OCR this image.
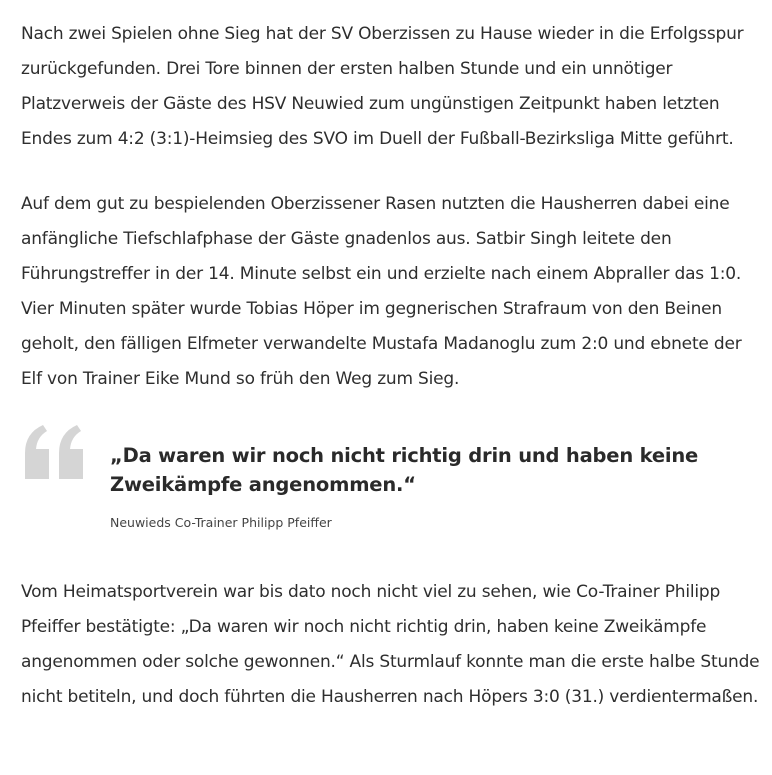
Nach zwei Spielen ohne Sieg hat der SV Oberzissen zu Hause wieder in die Erfolgsspur zurückgefunden. Drei Tore binnen der ersten halben Stunde und ein unnötiger Platzverweis der Gäste des HSV Neuwied zum ungünstigen Zeitpunkt haben letzten Endes zum 4:2 (3:1)-Heimsieg des SVO im Duell der Fußball-Bezirksliga Mitte geführt.

Auf dem gut zu bespielenden Oberzissener Rasen nutzten die Hausherren dabei eine anfängliche Tiefschlafphase der Gäste gnadenlos aus. Satbir Singh leitete den Führungstreffer in der 14. Minute selbst ein und erzielte nach einem Abpraller das 1:0. Vier Minuten später wurde Tobias Höper im gegnerischen Strafraum von den Beinen geholt, den fälligen Elfmeter verwandelte Mustafa Madanoglu zum 2:0 und ebnete der Elf von Trainer Eike Mund so früh den Weg zum Sieg.

„Da waren wir noch nicht richtig drin und haben keine Zweikämpfe angenommen.“

Neuwieds Co-Trainer Philipp Pfeiffer

Vom Heimatsportverein war bis dato noch nicht viel zu sehen, wie Co-Trainer Philipp Pfeiffer bestätigte: „Da waren wir noch nicht richtig drin, haben keine Zweikämpfe angenommen oder solche gewonnen.“ Als Sturmlauf konnte man die erste halbe Stunde nicht betiteln, und doch führten die Hausherren nach Höpers 3:0 (31.) verdientermaßen.
